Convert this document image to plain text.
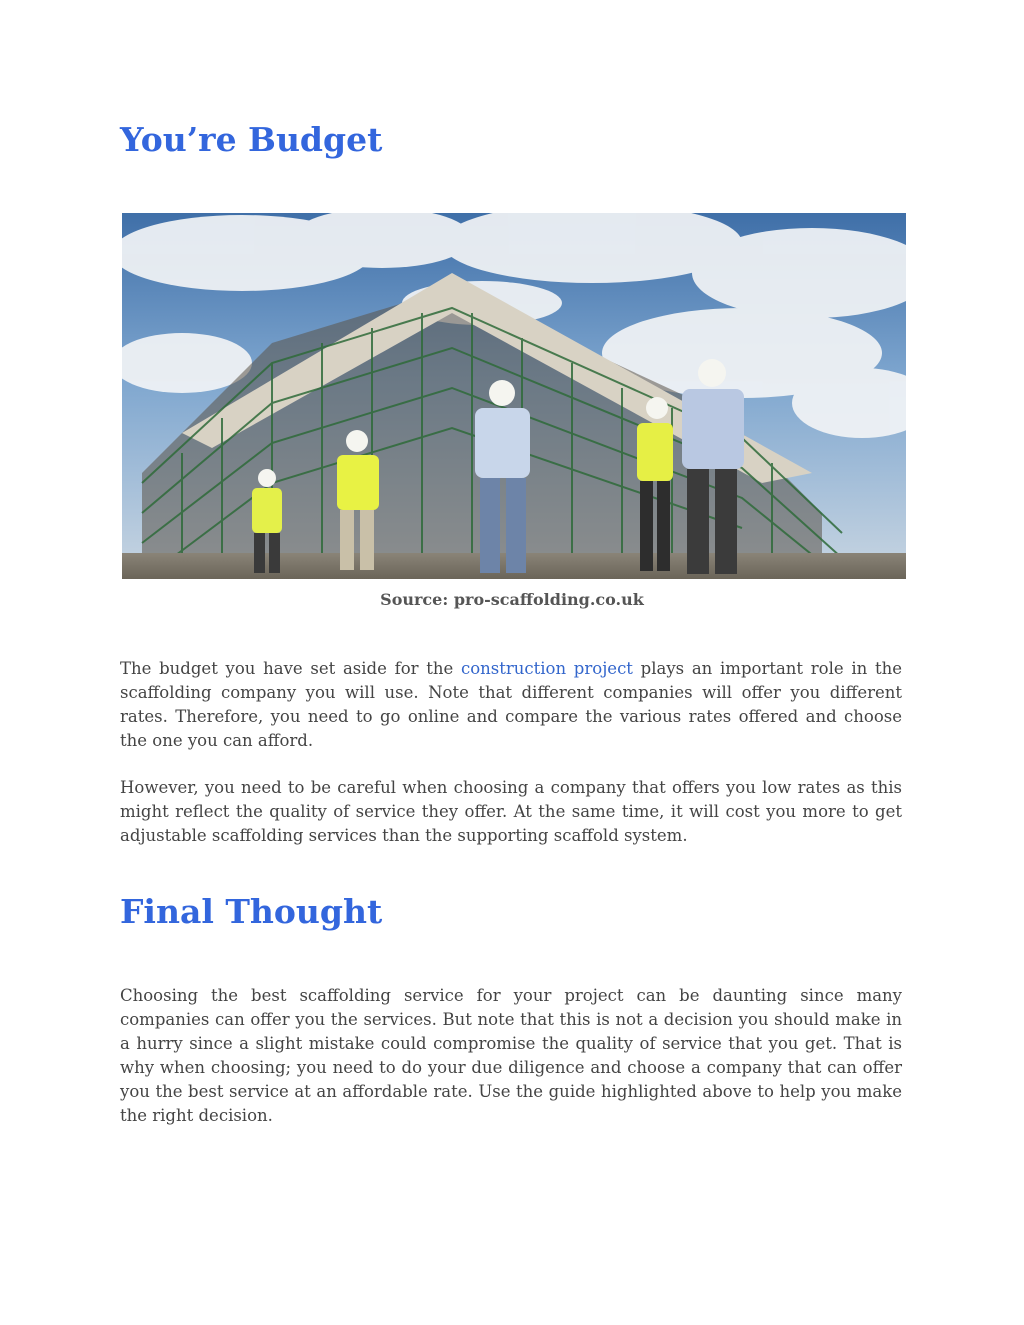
You’re Budget
Source: pro-scaffolding.co.uk

The budget you have set aside for the construction project plays an important role in the scaffolding company you will use. Note that different companies will offer you different rates. Therefore, you need to go online and compare the various rates offered and choose the one you can afford.

However, you need to be careful when choosing a company that offers you low rates as this might reflect the quality of service they offer. At the same time, it will cost you more to get adjustable scaffolding services than the supporting scaffold system.

Final Thought

Choosing the best scaffolding service for your project can be daunting since many companies can offer you the services. But note that this is not a decision you should make in a hurry since a slight mistake could compromise the quality of service that you get. That is why when choosing; you need to do your due diligence and choose a company that can offer you the best service at an affordable rate. Use the guide highlighted above to help you make the right decision.
